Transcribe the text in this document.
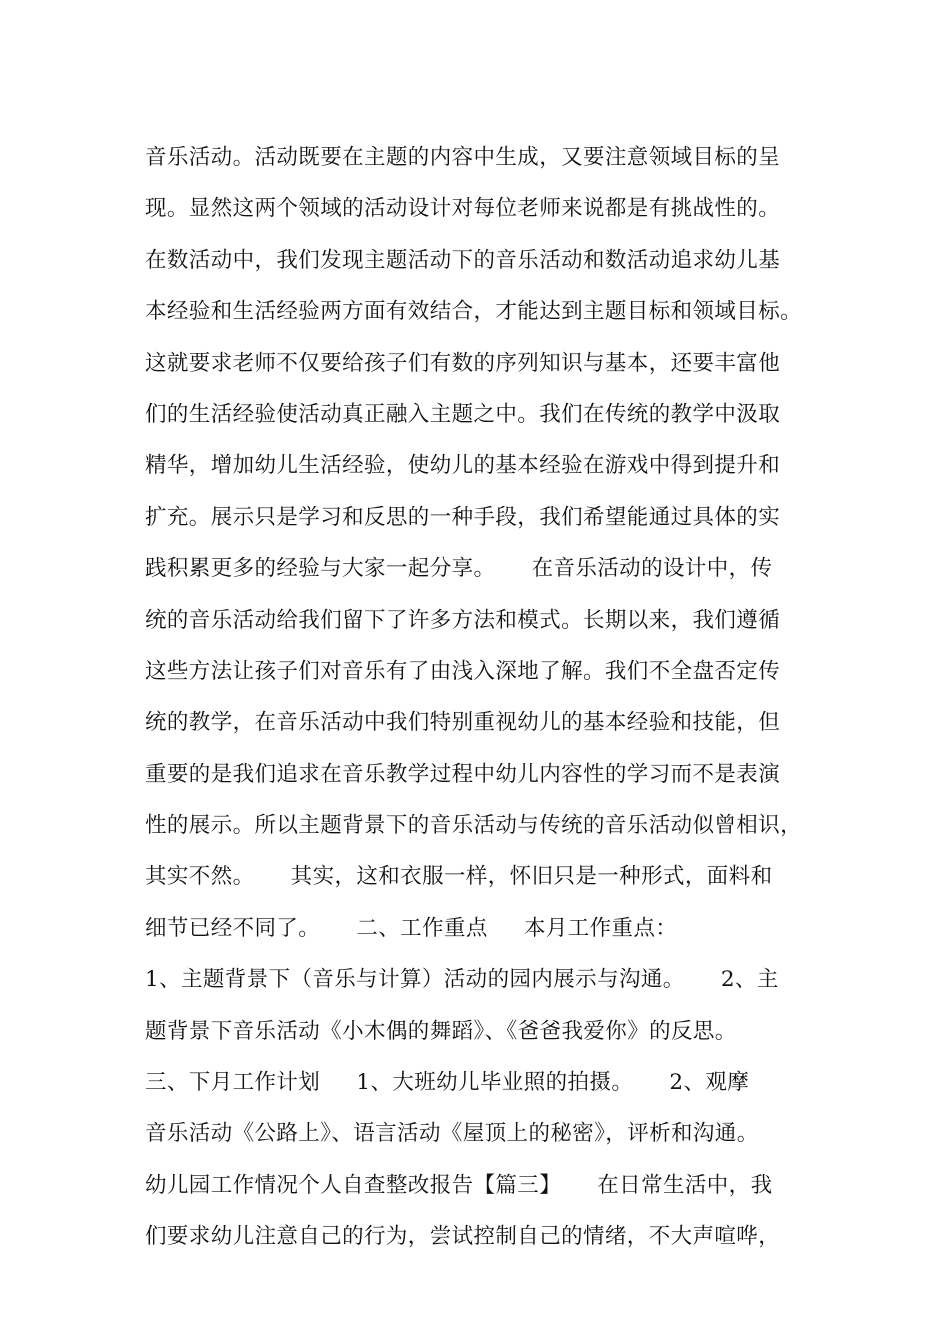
音乐活动。活动既要在主题的内容中生成，又要注意领域目标的呈
现。显然这两个领域的活动设计对每位老师来说都是有挑战性的。
在数活动中，我们发现主题活动下的音乐活动和数活动追求幼儿基
本经验和生活经验两方面有效结合，才能达到主题目标和领域目标。
这就要求老师不仅要给孩子们有数的序列知识与基本，还要丰富他
们的生活经验使活动真正融入主题之中。我们在传统的教学中汲取
精华，增加幼儿生活经验，使幼儿的基本经验在游戏中得到提升和
扩充。展示只是学习和反思的一种手段，我们希望能通过具体的实
践积累更多的经验与大家一起分享。     在音乐活动的设计中，传
统的音乐活动给我们留下了许多方法和模式。长期以来，我们遵循
这些方法让孩子们对音乐有了由浅入深地了解。我们不全盘否定传
统的教学，在音乐活动中我们特别重视幼儿的基本经验和技能，但
重要的是我们追求在音乐教学过程中幼儿内容性的学习而不是表演
性的展示。所以主题背景下的音乐活动与传统的音乐活动似曾相识，
其实不然。     其实，这和衣服一样，怀旧只是一种形式，面料和
细节已经不同了。     二、工作重点     本月工作重点：
1、主题背景下（音乐与计算）活动的园内展示与沟通。     2、主
题背景下音乐活动《小木偶的舞蹈》、《爸爸我爱你》的反思。
三、下月工作计划     1、大班幼儿毕业照的拍摄。     2、观摩
音乐活动《公路上》、语言活动《屋顶上的秘密》，评析和沟通。
幼儿园工作情况个人自查整改报告【篇三】     在日常生活中，我
们要求幼儿注意自己的行为，尝试控制自己的情绪，不大声喧哗，
